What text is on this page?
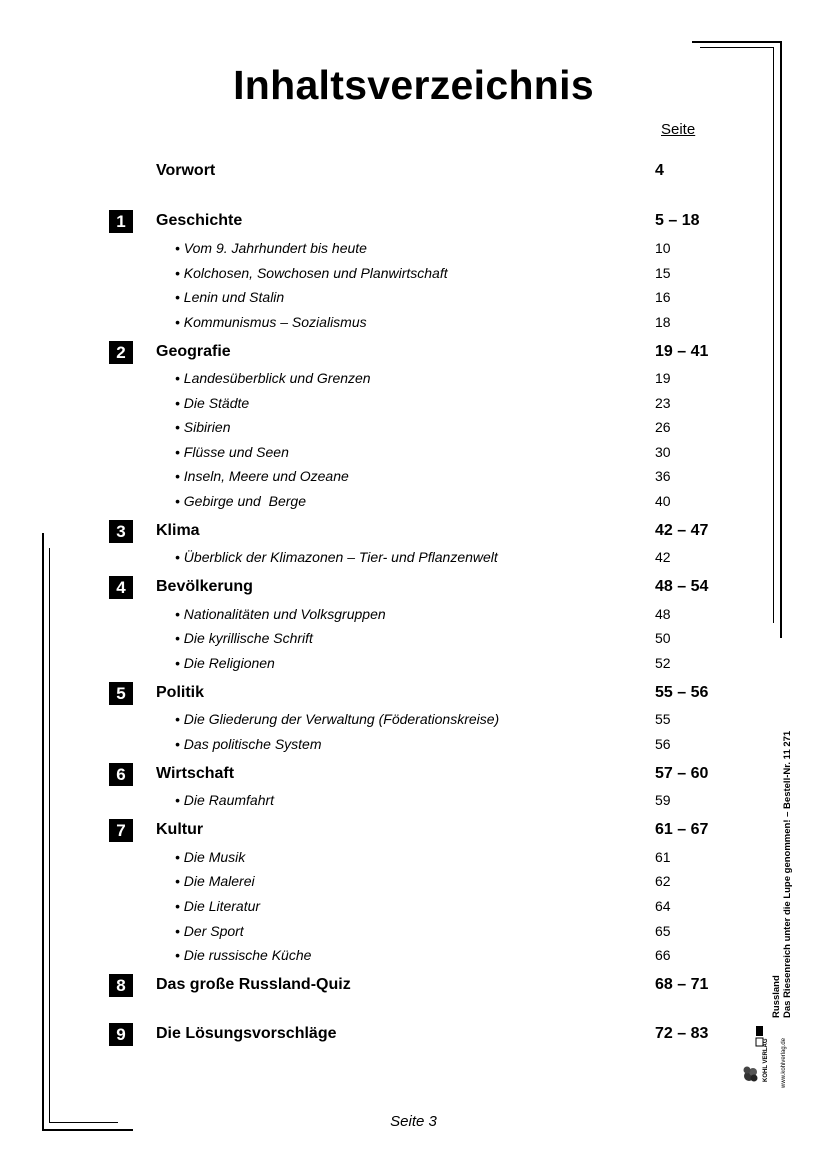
Inhaltsverzeichnis
Seite
Vorwort	4
1	Geschichte	5 – 18
• Vom 9. Jahrhundert bis heute	10
• Kolchosen, Sowchosen und Planwirtschaft	15
• Lenin und Stalin	16
• Kommunismus – Sozialismus	18
2	Geografie	19 – 41
• Landesüberblick und Grenzen	19
• Die Städte	23
• Sibirien	26
• Flüsse und Seen	30
• Inseln, Meere und Ozeane	36
• Gebirge und  Berge	40
3	Klima	42 – 47
• Überblick der Klimazonen – Tier- und Pflanzenwelt	42
4	Bevölkerung	48 – 54
• Nationalitäten und Volksgruppen	48
• Die kyrillische Schrift	50
• Die Religionen	52
5	Politik	55 – 56
• Die Gliederung der Verwaltung (Föderationskreise)	55
• Das politische System	56
6	Wirtschaft	57 – 60
• Die Raumfahrt	59
7	Kultur	61 – 67
• Die Musik	61
• Die Malerei	62
• Die Literatur	64
• Der Sport	65
• Die russische Küche	66
8	Das große Russland-Quiz	68 – 71
9	Die Lösungsvorschläge	72 – 83
Russland Das Riesenreich unter die Lupe genommen! – Bestell-Nr. 11 271
KOHL VERLAG www.kohlverlag.de
Seite 3
